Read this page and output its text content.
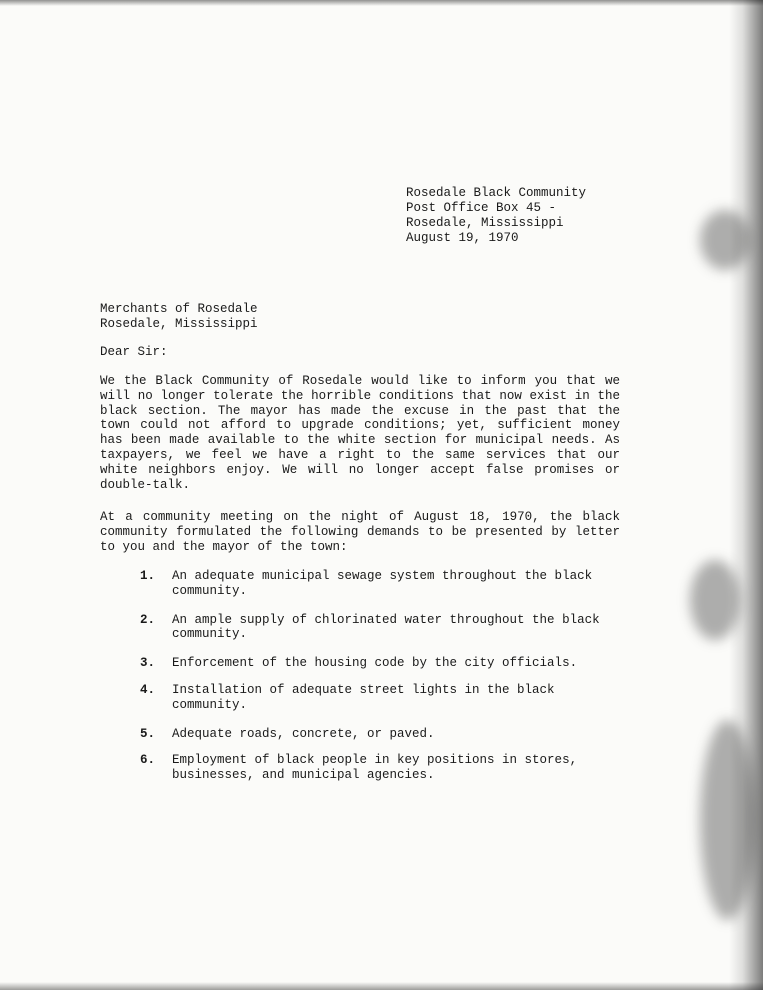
Rosedale Black Community
Post Office Box 45 -
Rosedale, Mississippi
August 19, 1970
Merchants of Rosedale
Rosedale, Mississippi
Dear Sir:
We the Black Community of Rosedale would like to inform you that we will no longer tolerate the horrible conditions that now exist in the black section. The mayor has made the excuse in the past that the town could not afford to upgrade conditions; yet, sufficient money has been made available to the white section for municipal needs. As taxpayers, we feel we have a right to the same services that our white neighbors enjoy. We will no longer accept false promises or double-talk.
At a community meeting on the night of August 18, 1970, the black community formulated the following demands to be presented by letter to you and the mayor of the town:
1.	An adequate municipal sewage system throughout the black community.
2.	An ample supply of chlorinated water throughout the black community.
3.	Enforcement of the housing code by the city officials.
4.	Installation of adequate street lights in the black community.
5.	Adequate roads, concrete, or paved.
6.	Employment of black people in key positions in stores, businesses, and municipal agencies.
